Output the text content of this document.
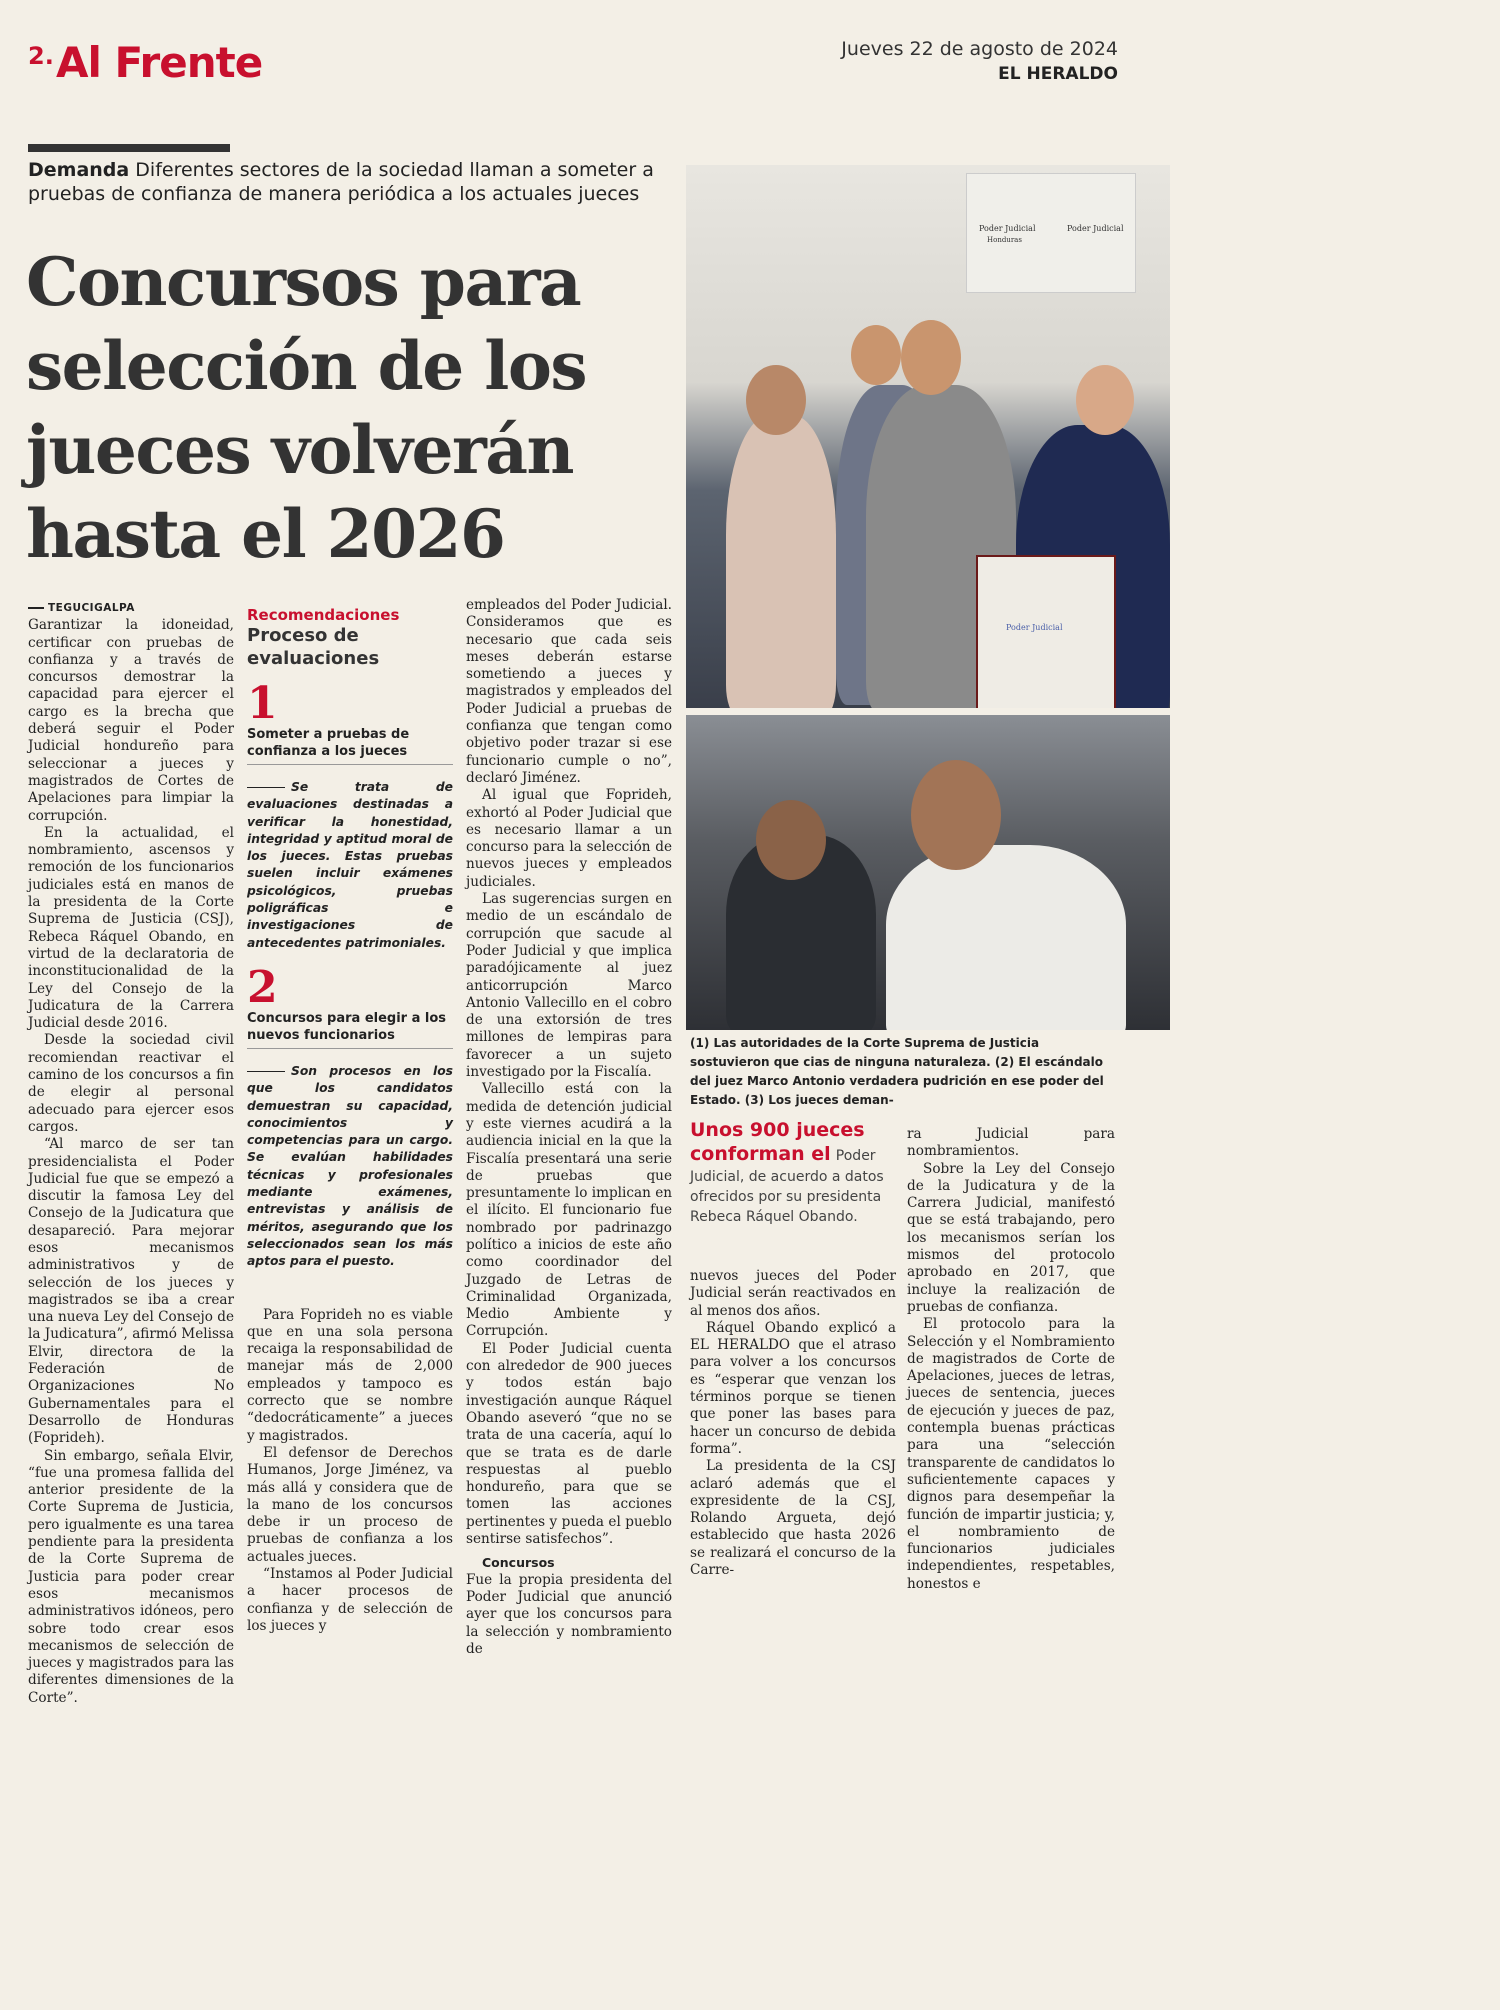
2. Al Frente	Jueves 22 de agosto de 2024
EL HERALDO
Demanda Diferentes sectores de la sociedad llaman a someter a pruebas de confianza de manera periódica a los actuales jueces
Concursos para selección de los jueces volverán hasta el 2026
Poder Judicial
Honduras
Poder Judicial
Poder Judicial
(1) Las autoridades de la Corte Suprema de Justicia sostuvieron que cias de ninguna naturaleza. (2) El escándalo del juez Marco Antonio verdadera pudrición en ese poder del Estado. (3) Los jueces deman-
TEGUCIGALPA

Garantizar la idoneidad, certificar con pruebas de confianza y a través de concursos demostrar la capacidad para ejercer el cargo es la brecha que deberá seguir el Poder Judicial hondureño para seleccionar a jueces y magistrados de Cortes de Apelaciones para limpiar la corrupción.

En la actualidad, el nombramiento, ascensos y remoción de los funcionarios judiciales está en manos de la presidenta de la Corte Suprema de Justicia (CSJ), Rebeca Ráquel Obando, en virtud de la declaratoria de inconstitucionalidad de la Ley del Consejo de la Judicatura de la Carrera Judicial desde 2016.

Desde la sociedad civil recomiendan reactivar el camino de los concursos a fin de elegir al personal adecuado para ejercer esos cargos.

“Al marco de ser tan presidencialista el Poder Judicial fue que se empezó a discutir la famosa Ley del Consejo de la Judicatura que desapareció. Para mejorar esos mecanismos administrativos y de selección de los jueces y magistrados se iba a crear una nueva Ley del Consejo de la Judicatura”, afirmó Melissa Elvir, directora de la Federación de Organizaciones No Gubernamentales para el Desarrollo de Honduras (Foprideh).

Sin embargo, señala Elvir, “fue una promesa fallida del anterior presidente de la Corte Suprema de Justicia, pero igualmente es una tarea pendiente para la presidenta de la Corte Suprema de Justicia para poder crear esos mecanismos administrativos idóneos, pero sobre todo crear esos mecanismos de selección de jueces y magistrados para las diferentes dimensiones de la Corte”.

Recomendaciones
Proceso de evaluaciones
1
Someter a pruebas de confianza a los jueces
Se trata de evaluaciones destinadas a verificar la honestidad, integridad y aptitud moral de los jueces. Estas pruebas suelen incluir exámenes psicológicos, pruebas poligráficas e investigaciones de antecedentes patrimoniales.
2
Concursos para elegir a los nuevos funcionarios
Son procesos en los que los candidatos demuestran su capacidad, conocimientos y competencias para un cargo. Se evalúan habilidades técnicas y profesionales mediante exámenes, entrevistas y análisis de méritos, asegurando que los seleccionados sean los más aptos para el puesto.

Para Foprideh no es viable que en una sola persona recaiga la responsabilidad de manejar más de 2,000 empleados y tampoco es correcto que se nombre “dedocráticamente” a jueces y magistrados.

El defensor de Derechos Humanos, Jorge Jiménez, va más allá y considera que de la mano de los concursos debe ir un proceso de pruebas de confianza a los actuales jueces.

“Instamos al Poder Judicial a hacer procesos de confianza y de selección de los jueces y

empleados del Poder Judicial. Consideramos que es necesario que cada seis meses deberán estarse sometiendo a jueces y magistrados y empleados del Poder Judicial a pruebas de confianza que tengan como objetivo poder trazar si ese funcionario cumple o no”, declaró Jiménez.

Al igual que Foprideh, exhortó al Poder Judicial que es necesario llamar a un concurso para la selección de nuevos jueces y empleados judiciales.

Las sugerencias surgen en medio de un escándalo de corrupción que sacude al Poder Judicial y que implica paradójicamente al juez anticorrupción Marco Antonio Vallecillo en el cobro de una extorsión de tres millones de lempiras para favorecer a un sujeto investigado por la Fiscalía.

Vallecillo está con la medida de detención judicial y este viernes acudirá a la audiencia inicial en la que la Fiscalía presentará una serie de pruebas que presuntamente lo implican en el ilícito. El funcionario fue nombrado por padrinazgo político a inicios de este año como coordinador del Juzgado de Letras de Criminalidad Organizada, Medio Ambiente y Corrupción.

El Poder Judicial cuenta con alrededor de 900 jueces y todos están bajo investigación aunque Ráquel Obando aseveró “que no se trata de una cacería, aquí lo que se trata es de darle respuestas al pueblo hondureño, para que se tomen las acciones pertinentes y pueda el pueblo sentirse satisfechos”.

Concursos

Fue la propia presidenta del Poder Judicial que anunció ayer que los concursos para la selección y nombramiento de

Unos 900 jueces conforman el Poder Judicial, de acuerdo a datos ofrecidos por su presidenta Rebeca Ráquel Obando.

nuevos jueces del Poder Judicial serán reactivados en al menos dos años.

Ráquel Obando explicó a EL HERALDO que el atraso para volver a los concursos es “esperar que venzan los términos porque se tienen que poner las bases para hacer un concurso de debida forma”.

La presidenta de la CSJ aclaró además que el expresidente de la CSJ, Rolando Argueta, dejó establecido que hasta 2026 se realizará el concurso de la Carre-

ra Judicial para nombramientos.

Sobre la Ley del Consejo de la Judicatura y de la Carrera Judicial, manifestó que se está trabajando, pero los mecanismos serían los mismos del protocolo aprobado en 2017, que incluye la realización de pruebas de confianza.

El protocolo para la Selección y el Nombramiento de magistrados de Corte de Apelaciones, jueces de letras, jueces de sentencia, jueces de ejecución y jueces de paz, contempla buenas prácticas para una “selección transparente de candidatos lo suficientemente capaces y dignos para desempeñar la función de impartir justicia; y, el nombramiento de funcionarios judiciales independientes, respetables, honestos e
